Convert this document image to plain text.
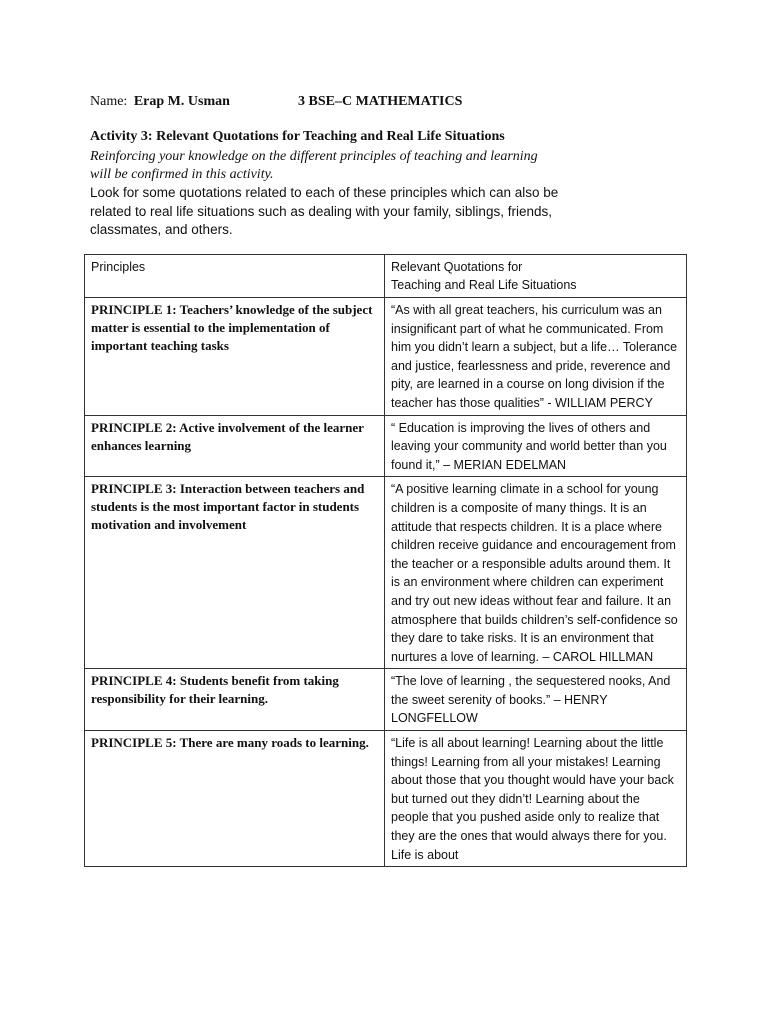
Name: Erap M. Usman	3 BSE–C MATHEMATICS
Activity 3: Relevant Quotations for Teaching and Real Life Situations
Reinforcing your knowledge on the different principles of teaching and learning will be confirmed in this activity.
Look for some quotations related to each of these principles which can also be related to real life situations such as dealing with your family, siblings, friends, classmates, and others.
Principles	Relevant Quotations for
Teaching and Real Life Situations

PRINCIPLE 1: Teachers’ knowledge of the subject matter is essential to the implementation of important teaching tasks	“As with all great teachers, his curriculum was an insignificant part of what he communicated. From him you didn’t learn a subject, but a life… Tolerance and justice, fearlessness and pride, reverence and pity, are learned in a course on long division if the teacher has those qualities” - WILLIAM PERCY
PRINCIPLE 2: Active involvement of the learner enhances learning	“ Education is improving the lives of others and leaving your community and world better than you found it,” – MERIAN EDELMAN
PRINCIPLE 3: Interaction between teachers and students is the most important factor in students motivation and involvement	“A positive learning climate in a school for young children is a composite of many things. It is an attitude that respects children. It is a place where children receive guidance and encouragement from the teacher or a responsible adults around them. It is an environment where children can experiment and try out new ideas without fear and failure. It an atmosphere that builds children’s self-confidence so they dare to take risks. It is an environment that nurtures a love of learning. – CAROL HILLMAN
PRINCIPLE 4: Students benefit from taking responsibility for their learning.	“The love of learning , the sequestered nooks, And the sweet serenity of books.” – HENRY LONGFELLOW
PRINCIPLE 5: There are many roads to learning.	“Life is all about learning! Learning about the little things! Learning from all your mistakes! Learning about those that you thought would have your back but turned out they didn’t! Learning about the people that you pushed aside only to realize that they are the ones that would always there for you. Life is about
